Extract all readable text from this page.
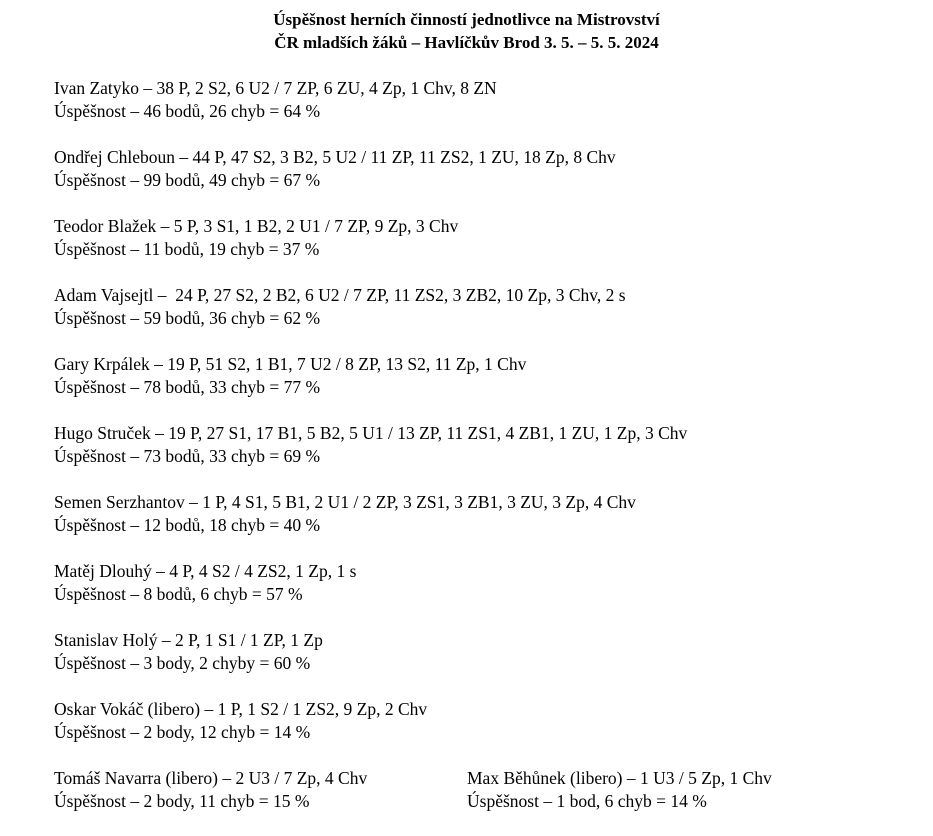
Úspěšnost herních činností jednotlivce na Mistrovství
ČR mladších žáků – Havlíčkův Brod 3. 5. – 5. 5. 2024
Ivan Zatyko – 38 P, 2 S2, 6 U2 / 7 ZP, 6 ZU, 4 Zp, 1 Chv, 8 ZN
Úspěšnost – 46 bodů, 26 chyb = 64 %
Ondřej Chleboun – 44 P, 47 S2, 3 B2, 5 U2 / 11 ZP, 11 ZS2, 1 ZU, 18 Zp, 8 Chv
Úspěšnost – 99 bodů, 49 chyb = 67 %
Teodor Blažek – 5 P, 3 S1, 1 B2, 2 U1 / 7 ZP, 9 Zp, 3 Chv
Úspěšnost – 11 bodů, 19 chyb = 37 %
Adam Vajsejtl –  24 P, 27 S2, 2 B2, 6 U2 / 7 ZP, 11 ZS2, 3 ZB2, 10 Zp, 3 Chv, 2 s
Úspěšnost – 59 bodů, 36 chyb = 62 %
Gary Krpálek – 19 P, 51 S2, 1 B1, 7 U2 / 8 ZP, 13 S2, 11 Zp, 1 Chv
Úspěšnost – 78 bodů, 33 chyb = 77 %
Hugo Struček – 19 P, 27 S1, 17 B1, 5 B2, 5 U1 / 13 ZP, 11 ZS1, 4 ZB1, 1 ZU, 1 Zp, 3 Chv
Úspěšnost – 73 bodů, 33 chyb = 69 %
Semen Serzhantov – 1 P, 4 S1, 5 B1, 2 U1 / 2 ZP, 3 ZS1, 3 ZB1, 3 ZU, 3 Zp, 4 Chv
Úspěšnost – 12 bodů, 18 chyb = 40 %
Matěj Dlouhý – 4 P, 4 S2 / 4 ZS2, 1 Zp, 1 s
Úspěšnost – 8 bodů, 6 chyb = 57 %
Stanislav Holý – 2 P, 1 S1 / 1 ZP, 1 Zp
Úspěšnost – 3 body, 2 chyby = 60 %
Oskar Vokáč (libero) – 1 P, 1 S2 / 1 ZS2, 9 Zp, 2 Chv
Úspěšnost – 2 body, 12 chyb = 14 %
Tomáš Navarra (libero) – 2 U3 / 7 Zp, 4 Chv
Úspěšnost – 2 body, 11 chyb = 15 %
Max Běhůnek (libero) – 1 U3 / 5 Zp, 1 Chv
Úspěšnost – 1 bod, 6 chyb = 14 %
